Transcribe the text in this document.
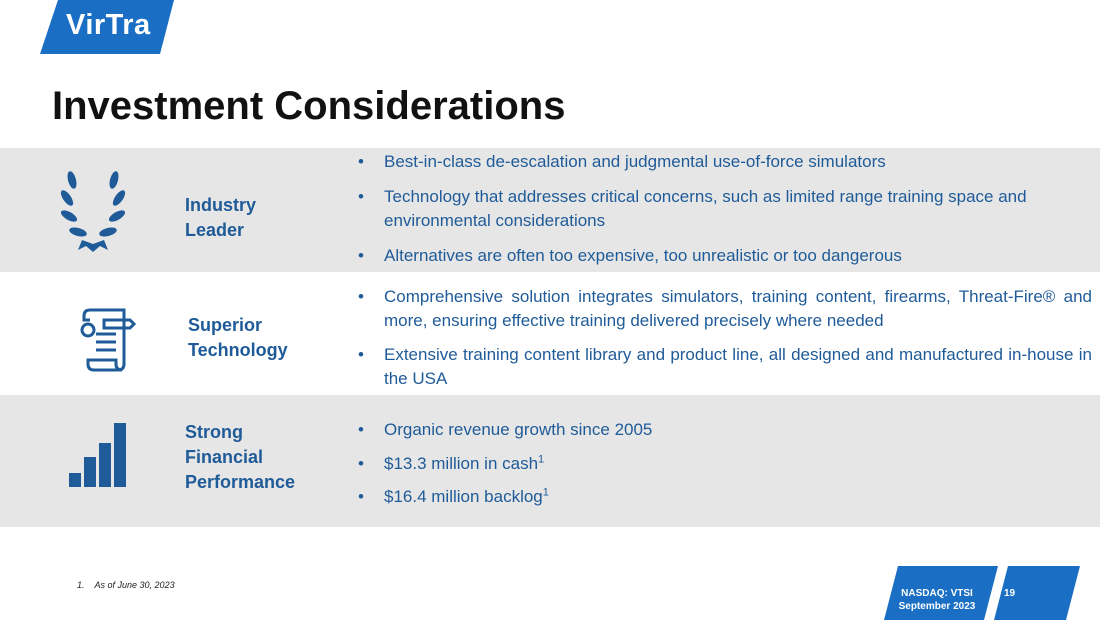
VirTra
Investment Considerations
Industry
Leader
• Best-in-class de-escalation and judgmental use-of-force simulators
• Technology that addresses critical concerns, such as limited range training space and environmental considerations
• Alternatives are often too expensive, too unrealistic or too dangerous
Superior
Technology
• Comprehensive solution integrates simulators, training content, firearms, Threat-Fire® and more, ensuring effective training delivered precisely where needed
• Extensive training content library and product line, all designed and manufactured in-house in the USA
Strong
Financial
Performance
• Organic revenue growth since 2005
• $13.3 million in cash$^1$
• $16.4 million backlog$^1$
1. As of June 30, 2023
NASDAQ: VTSI
September 2023
19
